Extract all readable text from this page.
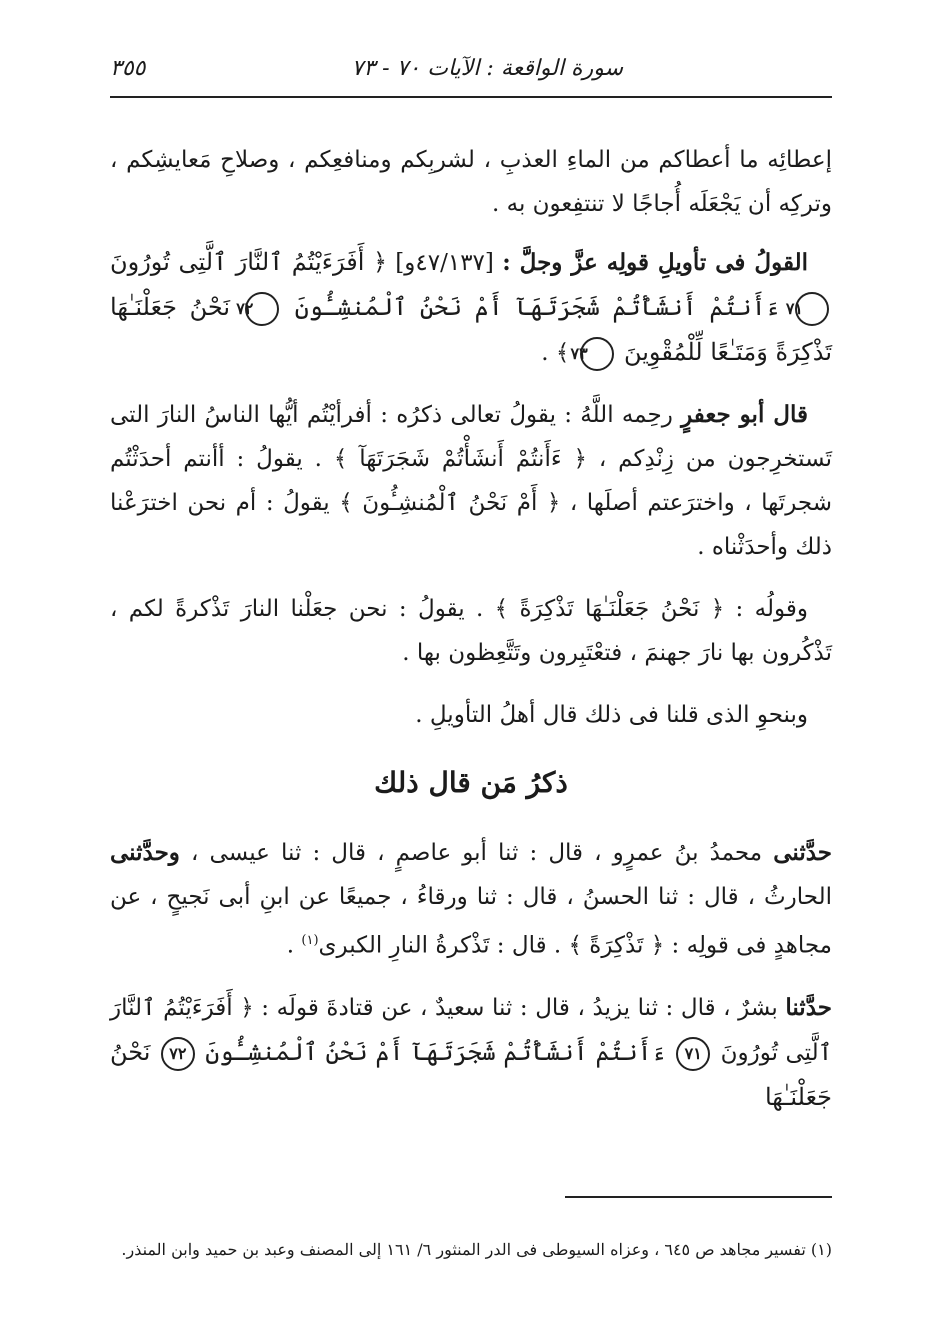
سورة الواقعة : الآيات ٧٠ - ٧٣
٣٥٥

إعطائِه ما أعطاكم من الماءِ العذبِ ، لشربِكم ومنافعِكم ، وصلاحِ مَعايشِكم ، وتركِه أن يَجْعَلَه أُجاجًا لا تنتفِعون به .

القولُ فى تأويلِ قولِه عزَّ وجلَّ : [٤٧/١٣٧و] ﴿ أَفَرَءَيْتُمُ ٱلنَّارَ ٱلَّتِى تُورُونَ ٧١ ءَأَنتُمْ أَنشَأْتُمْ شَجَرَتَهَآ أَمْ نَحْنُ ٱلْمُنشِـُٔونَ ٧٢ نَحْنُ جَعَلْنَـٰهَا تَذْكِرَةً وَمَتَـٰعًا لِّلْمُقْوِينَ ٧٣ ﴾ .

قال أبو جعفرٍ رحِمه اللَّهُ : يقولُ تعالى ذكرُه : أفرأيْتُم أيُّها الناسُ النارَ التى تَستخرِجون من زِنْدِكم ، ﴿ ءَأَنتُمْ أَنشَأْتُمْ شَجَرَتَهَآ ﴾ . يقولُ : أأنتم أحدَثْتُم شجرتَها ، واخترَعتم أصلَها ، ﴿ أَمْ نَحْنُ ٱلْمُنشِـُٔونَ ﴾ يقولُ : أم نحن اخترَعْنا ذلك وأحدَثْناه .

وقولُه : ﴿ نَحْنُ جَعَلْنَـٰهَا تَذْكِرَةً ﴾ . يقولُ : نحن جعَلْنا النارَ تَذْكرةً لكم ، تَذْكُرون بها نارَ جهنمَ ، فتعْتَبِرون وتَتَّعِظون بها .

وبنحوِ الذى قلنا فى ذلك قال أهلُ التأويلِ .

ذكرُ مَن قال ذلك

حدَّثنى محمدُ بنُ عمرٍو ، قال : ثنا أبو عاصمٍ ، قال : ثنا عيسى ، وحدَّثنى الحارثُ ، قال : ثنا الحسنُ ، قال : ثنا ورقاءُ ، جميعًا عن ابنِ أبى نَجيحٍ ، عن مجاهدٍ فى قولِه : ﴿ تَذْكِرَةً ﴾ . قال : تَذْكرةُ النارِ الكبرى$^{(١)}$ .

حدَّثنا بشرٌ ، قال : ثنا يزيدُ ، قال : ثنا سعيدٌ ، عن قتادةَ قولَه : ﴿ أَفَرَءَيْتُمُ ٱلنَّارَ ٱلَّتِى تُورُونَ ٧١ ءَأَنتُمْ أَنشَأْتُمْ شَجَرَتَهَآ أَمْ نَحْنُ ٱلْمُنشِـُٔونَ ٧٢ نَحْنُ جَعَلْنَـٰهَا

(١) تفسير مجاهد ص ٦٤٥ ، وعزاه السيوطى فى الدر المنثور ٦/ ١٦١ إلى المصنف وعبد بن حميد وابن المنذر.
